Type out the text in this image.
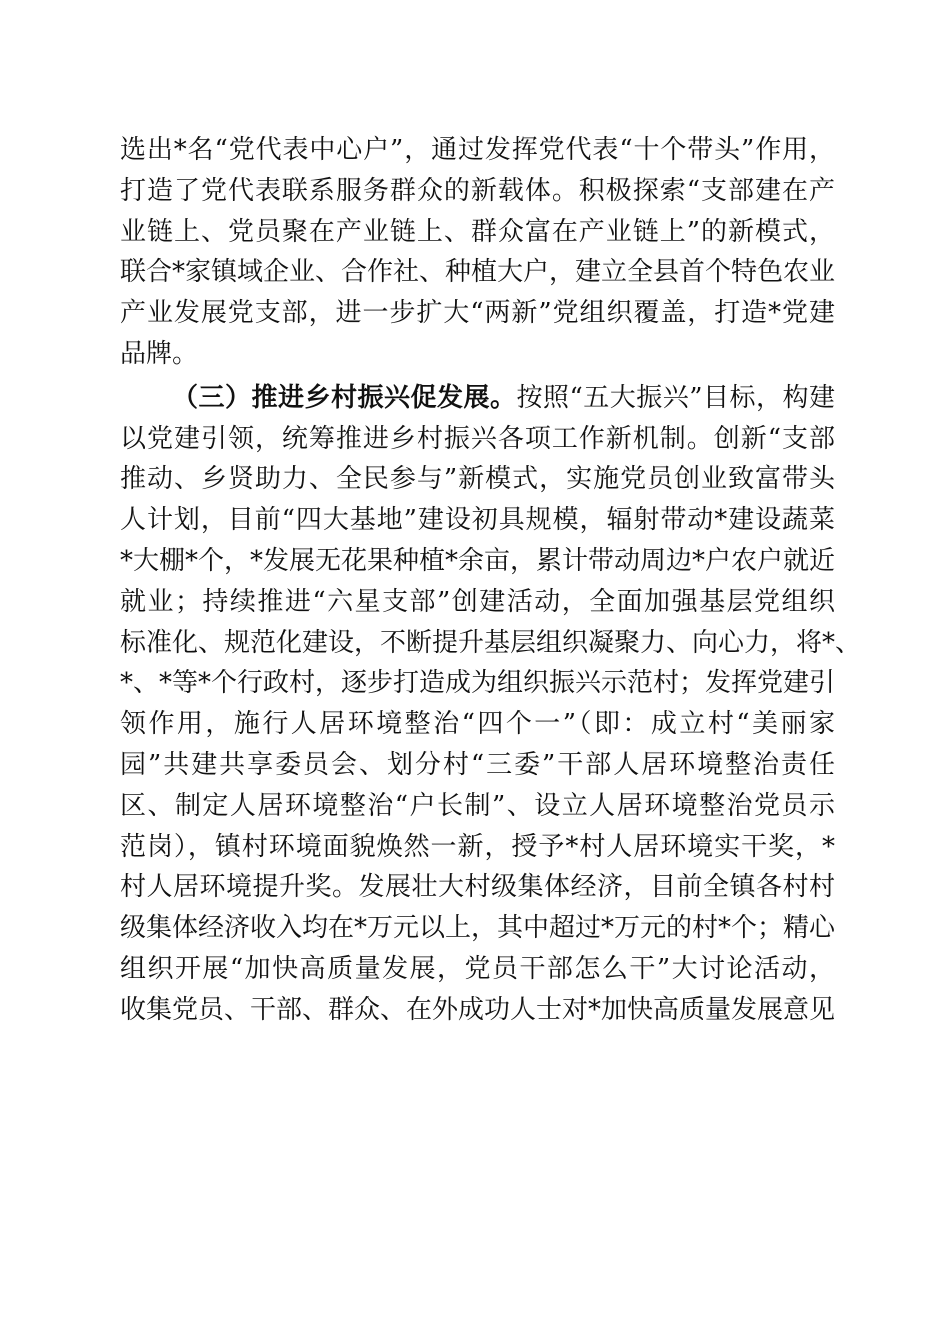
选出*名“党代表中心户”，通过发挥党代表“十个带头”作用，
打造了党代表联系服务群众的新载体。积极探索“支部建在产
业链上、党员聚在产业链上、群众富在产业链上”的新模式，
联合*家镇域企业、合作社、种植大户，建立全县首个特色农业
产业发展党支部，进一步扩大“两新”党组织覆盖，打造*党建
品牌。
（三）推进乡村振兴促发展。按照“五大振兴”目标，构建
以党建引领，统筹推进乡村振兴各项工作新机制。创新“支部
推动、乡贤助力、全民参与”新模式，实施党员创业致富带头
人计划，目前“四大基地”建设初具规模，辐射带动*建设蔬菜
*大棚*个，*发展无花果种植*余亩，累计带动周边*户农户就近
就业；持续推进“六星支部”创建活动，全面加强基层党组织
标准化、规范化建设，不断提升基层组织凝聚力、向心力，将*、
*、*等*个行政村，逐步打造成为组织振兴示范村；发挥党建引
领作用，施行人居环境整治“四个一”（即：成立村“美丽家
园”共建共享委员会、划分村“三委”干部人居环境整治责任
区、制定人居环境整治“户长制”、设立人居环境整治党员示
范岗），镇村环境面貌焕然一新，授予*村人居环境实干奖，*
村人居环境提升奖。发展壮大村级集体经济，目前全镇各村村
级集体经济收入均在*万元以上，其中超过*万元的村*个；精心
组织开展“加快高质量发展，党员干部怎么干”大讨论活动，
收集党员、干部、群众、在外成功人士对*加快高质量发展意见
